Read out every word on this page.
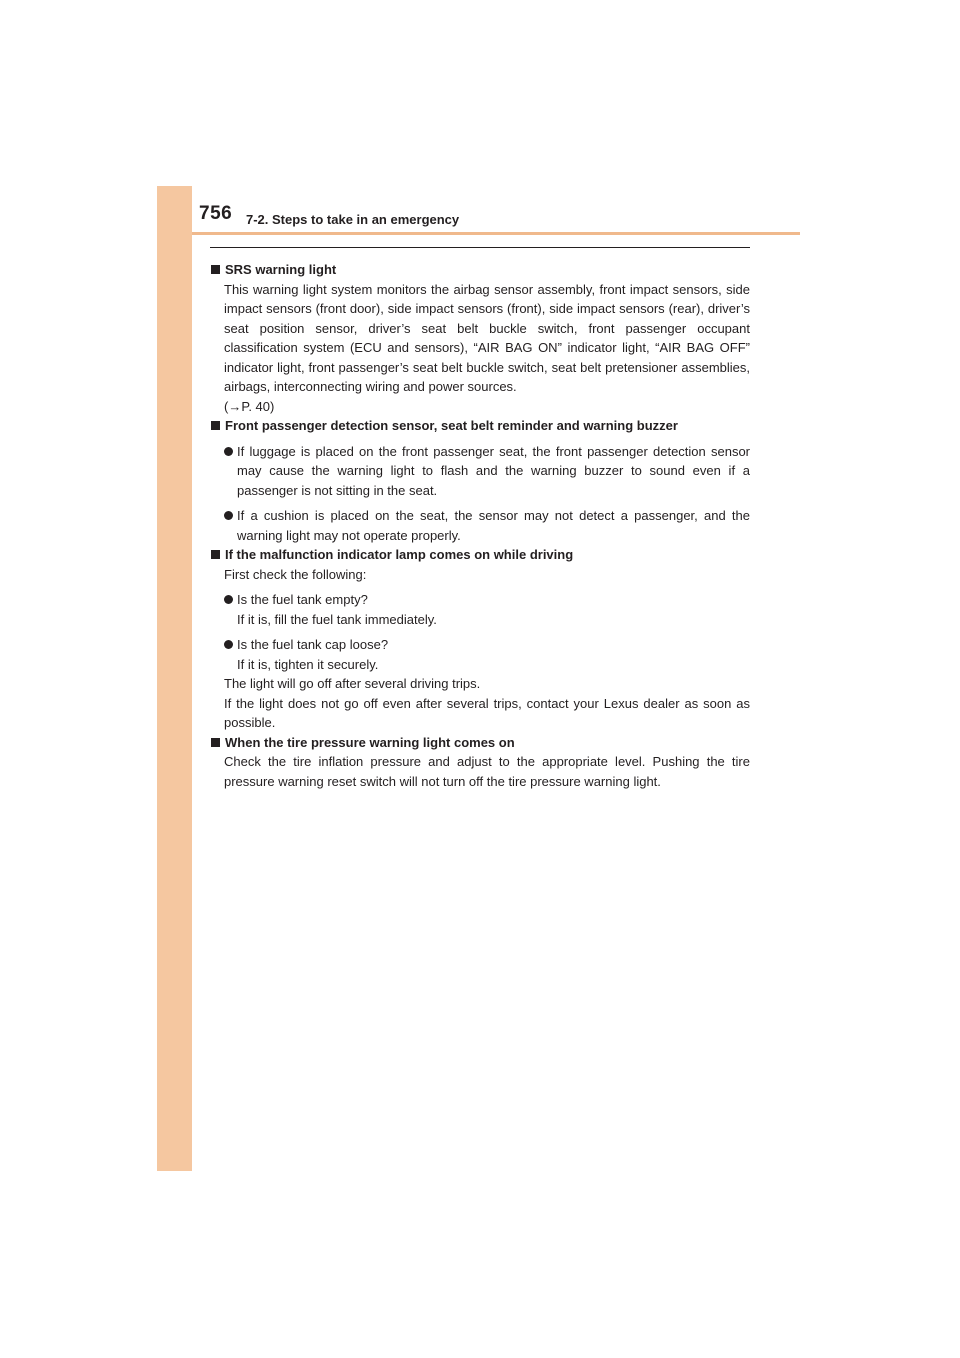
756 7-2. Steps to take in an emergency

SRS warning light

This warning light system monitors the airbag sensor assembly, front impact sensors, side impact sensors (front door), side impact sensors (front), side impact sensors (rear), driver’s seat position sensor, driver’s seat belt buckle switch, front passenger occupant classification system (ECU and sensors), “AIR BAG ON” indicator light, “AIR BAG OFF” indicator light, front passenger’s seat belt buckle switch, seat belt pretensioner assemblies, airbags, interconnecting wiring and power sources.
(→P. 40)

Front passenger detection sensor, seat belt reminder and warning buzzer

If luggage is placed on the front passenger seat, the front passenger detection sensor may cause the warning light to flash and the warning buzzer to sound even if a passenger is not sitting in the seat.
If a cushion is placed on the seat, the sensor may not detect a passenger, and the warning light may not operate properly.

If the malfunction indicator lamp comes on while driving

First check the following:

Is the fuel tank empty?
If it is, fill the fuel tank immediately.
Is the fuel tank cap loose?
If it is, tighten it securely.

The light will go off after several driving trips.
If the light does not go off even after several trips, contact your Lexus dealer as soon as possible.

When the tire pressure warning light comes on

Check the tire inflation pressure and adjust to the appropriate level. Pushing the tire pressure warning reset switch will not turn off the tire pressure warning light.
